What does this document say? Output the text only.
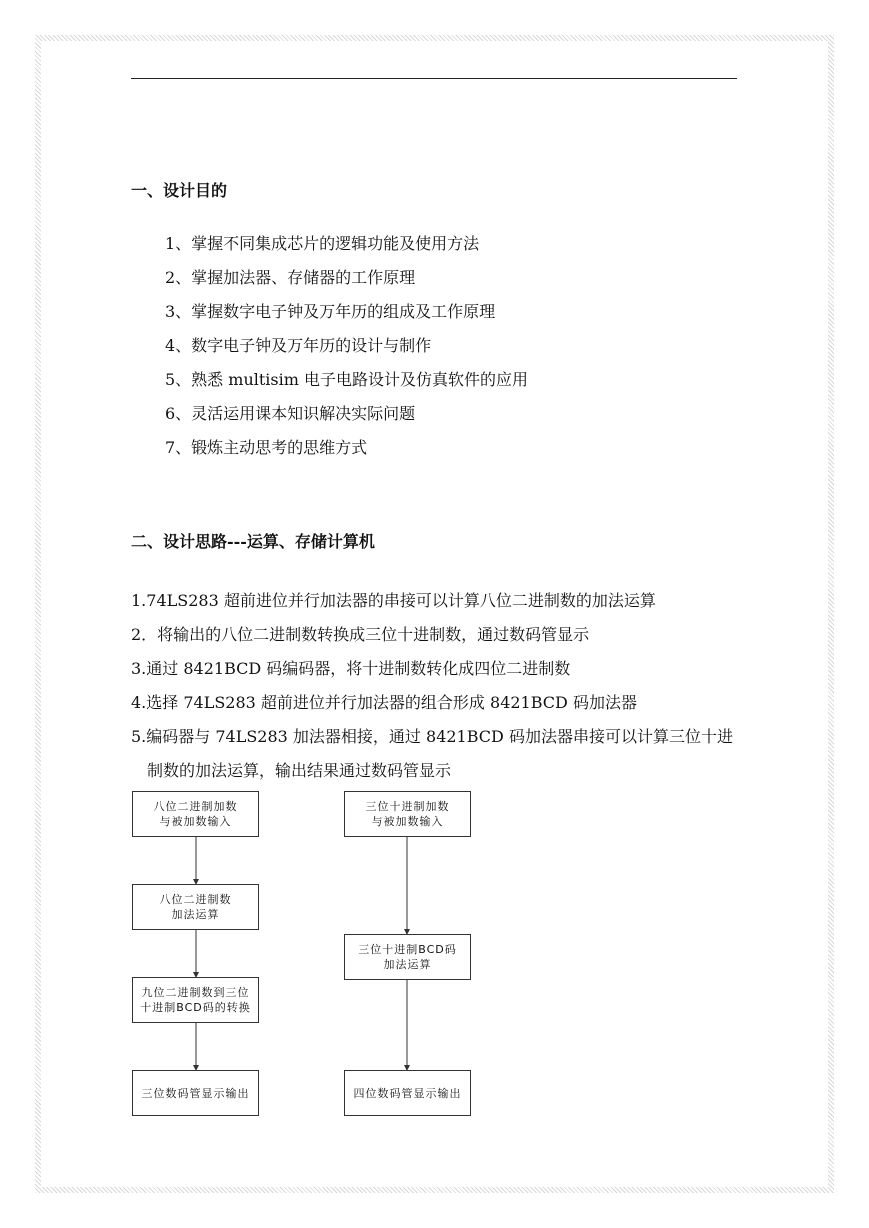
一、设计目的
1、掌握不同集成芯片的逻辑功能及使用方法
2、掌握加法器、存储器的工作原理
3、掌握数字电子钟及万年历的组成及工作原理
4、数字电子钟及万年历的设计与制作
5、熟悉 multisim 电子电路设计及仿真软件的应用
6、灵活运用课本知识解决实际问题
7、锻炼主动思考的思维方式
二、设计思路---运算、存储计算机
1.74LS283 超前进位并行加法器的串接可以计算八位二进制数的加法运算
2．将输出的八位二进制数转换成三位十进制数，通过数码管显示
3.通过 8421BCD 码编码器，将十进制数转化成四位二进制数
4.选择 74LS283 超前进位并行加法器的组合形成 8421BCD 码加法器
5.编码器与 74LS283 加法器相接，通过 8421BCD 码加法器串接可以计算三位十进制数的加法运算，输出结果通过数码管显示
八位二进制加数
与被加数输入
八位二进制数
加法运算
九位二进制数到三位
十进制BCD码的转换
三位数码管显示输出
三位十进制加数
与被加数输入
三位十进制BCD码
加法运算
四位数码管显示输出
